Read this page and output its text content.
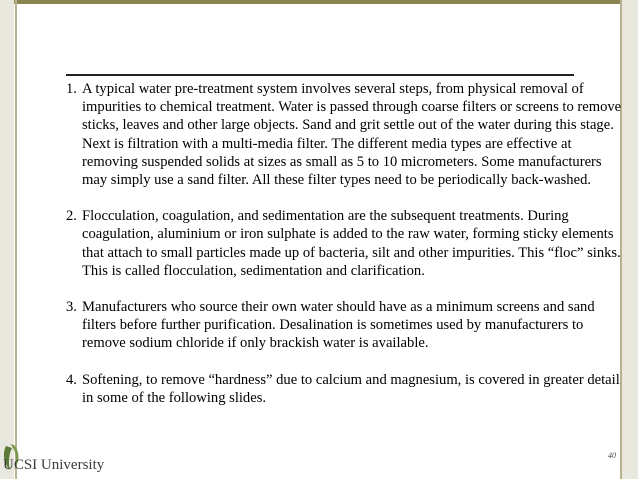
1. A typical water pre-treatment system involves several steps, from physical removal of impurities to chemical treatment. Water is passed through coarse filters or screens to remove sticks, leaves and other large objects. Sand and grit settle out of the water during this stage. Next is filtration with a multi-media filter. The different media types are effective at removing suspended solids at sizes as small as 5 to 10 micrometers. Some manufacturers may simply use a sand filter. All these filter types need to be periodically back-washed.
2. Flocculation, coagulation, and sedimentation are the subsequent treatments. During coagulation, aluminium or iron sulphate is added to the raw water, forming sticky elements that attach to small particles made up of bacteria, silt and other impurities. This “floc” sinks. This is called flocculation, sedimentation and clarification.
3. Manufacturers who source their own water should have as a minimum screens and sand filters before further purification. Desalination is sometimes used by manufacturers to remove sodium chloride if only brackish water is available.
4. Softening, to remove “hardness” due to calcium and magnesium, is covered in greater detail in some of the following slides.
UCSI University
40
